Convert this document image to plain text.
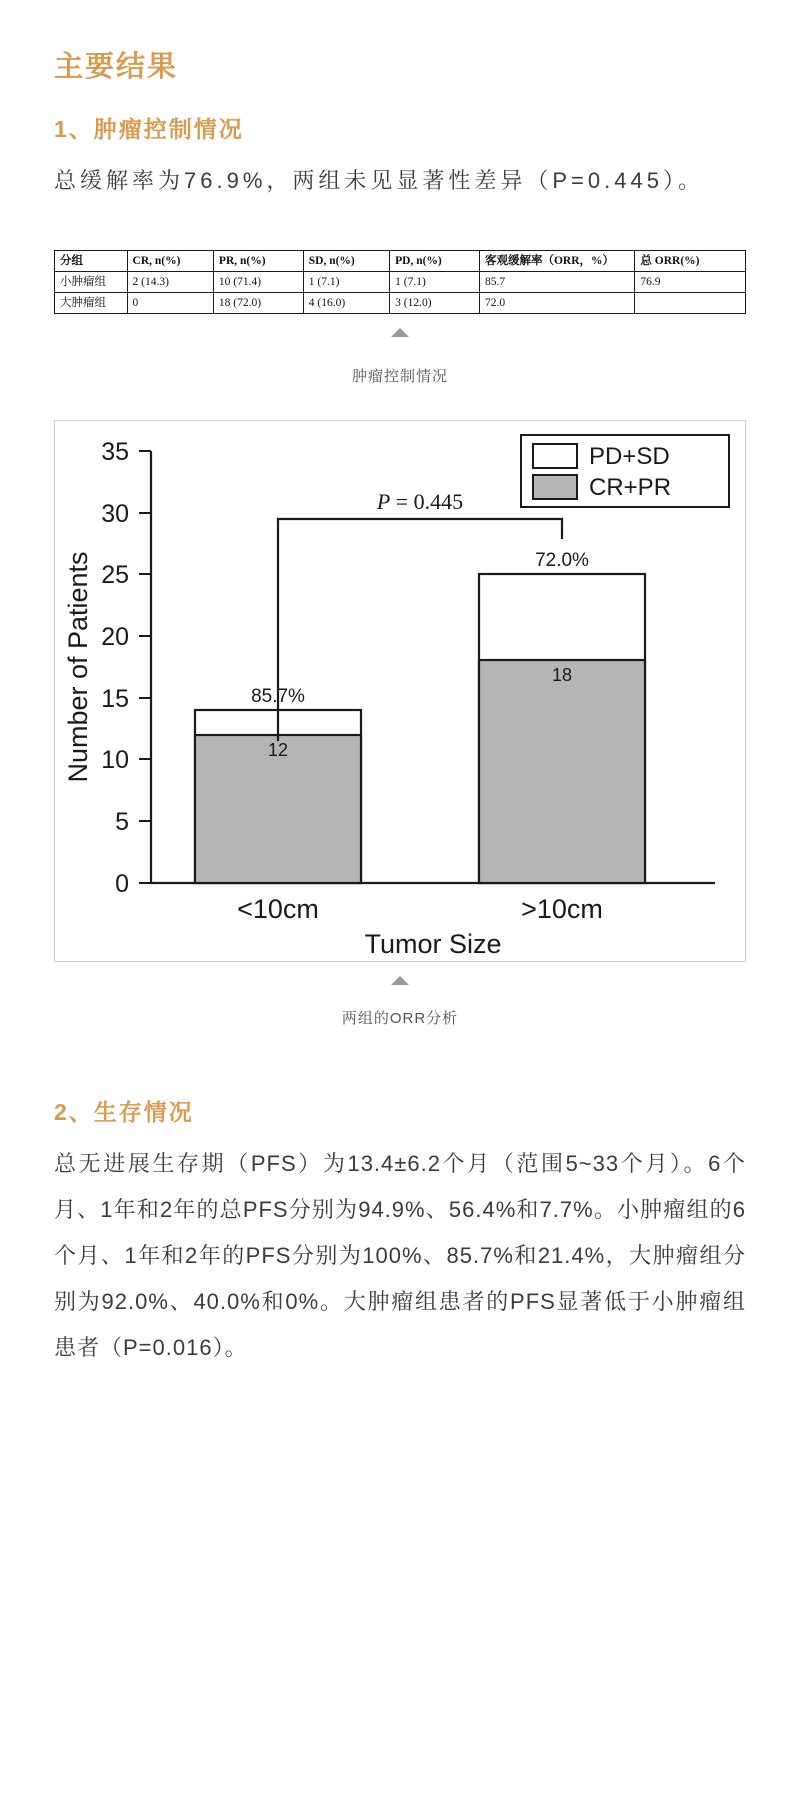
主要结果
1、肿瘤控制情况

总缓解率为76.9%，两组未见显著性差异（P=0.445）。

分组	CR, n(%)	PR, n(%)	SD, n(%)	PD, n(%)	客观缓解率（ORR，%）	总 ORR(%)
小肿瘤组	2 (14.3)	10 (71.4)	1 (7.1)	1 (7.1)	85.7	76.9
大肿瘤组	0	18 (72.0)	4 (16.0)	3 (12.0)	72.0	
肿瘤控制情况
PD+SD
CR+PR
0
5
10
15
20
25
30
35
Number of Patients	85.7%
12
72.0%
18
P = 0.445
<10cm	>10cm
Tumor Size
两组的ORR分析
2、生存情况

总无进展生存期（PFS）为13.4±6.2个月（范围5~33个月）。6个月、1年和2年的总PFS分别为94.9%、56.4%和7.7%。小肿瘤组的6个月、1年和2年的PFS分别为100%、85.7%和21.4%，大肿瘤组分别为92.0%、40.0%和0%。大肿瘤组患者的PFS显著低于小肿瘤组患者（P=0.016）。
